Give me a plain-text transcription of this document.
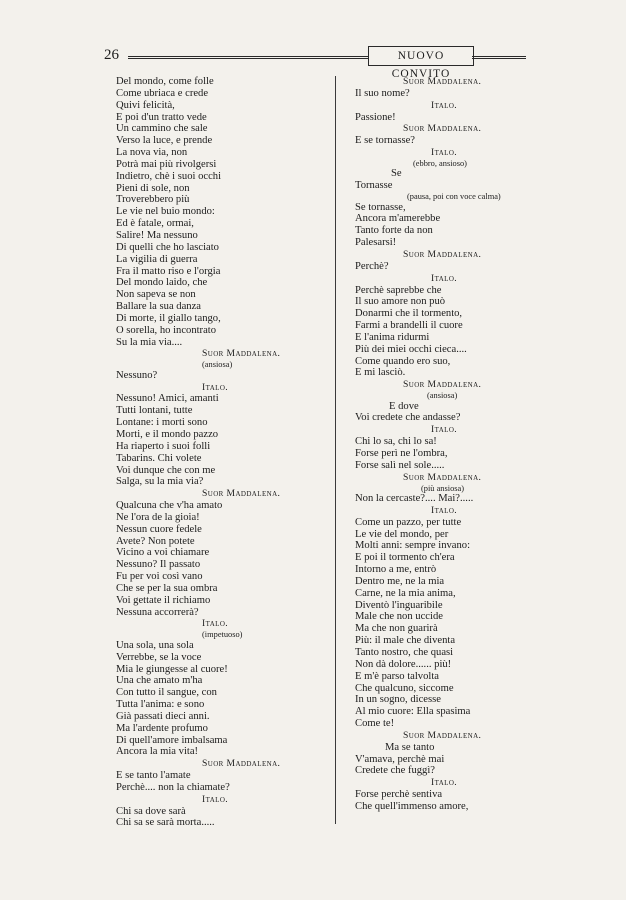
26	NUOVO CONVITO
Del mondo, come folle
Come ubriaca e crede
Quivi felicità,
E poi d'un tratto vede
Un cammino che sale
Verso la luce, e prende
La nova via, non
Potrà mai più rivolgersi
Indietro, chè i suoi occhi
Pieni di sole, non
Troverebbero più
Le vie nel buio mondo:
Ed è fatale, ormai,
Salire! Ma nessuno
Di quelli che ho lasciato
La vigilia di guerra
Fra il matto riso e l'orgia
Del mondo laido, che
Non sapeva se non
Ballare la sua danza
Di morte, il giallo tango,
O sorella, ho incontrato
Su la mia via....
Suor Maddalena.
(ansiosa)
Nessuno?
Italo.
Nessuno! Amici, amanti
Tutti lontani, tutte
Lontane: i morti sono
Morti, e il mondo pazzo
Ha riaperto i suoi folli
Tabarins. Chi volete
Voi dunque che con me
Salga, su la mia via?
Suor Maddalena.
Qualcuna che v'ha amato
Ne l'ora de la gioia!
Nessun cuore fedele
Avete? Non potete
Vicino a voi chiamare
Nessuno? Il passato
Fu per voi così vano
Che se per la sua ombra
Voi gettate il richiamo
Nessuna accorrerà?
Italo.
(impetuoso)
Una sola, una sola
Verrebbe, se la voce
Mia le giungesse al cuore!
Una che amato m'ha
Con tutto il sangue, con
Tutta l'anima: e sono
Già passati dieci anni.
Ma l'ardente profumo
Di quell'amore imbalsama
Ancora la mia vita!
Suor Maddalena.
E se tanto l'amate
Perchè.... non la chiamate?
Italo.
Chi sa dove sarà
Chi sa se sarà morta.....
Suor Maddalena.
Il suo nome?
Italo.
Passione!
Suor Maddalena.
E se tornasse?
Italo.
(ebbro, ansioso)
Se
Tornasse
(pausa, poi con voce calma)
Se tornasse,
Ancora m'amerebbe
Tanto forte da non
Palesarsi!
Suor Maddalena.
Perchè?
Italo.
Perchè saprebbe che
Il suo amore non può
Donarmi che il tormento,
Farmi a brandelli il cuore
E l'anima ridurmi
Più dei miei occhi cieca....
Come quando ero suo,
E mi lasciò.
Suor Maddalena.
(ansiosa)
E dove
Voi credete che andasse?
Italo.
Chi lo sa, chi lo sa!
Forse perì ne l'ombra,
Forse salì nel sole.....
Suor Maddalena.
(più ansiosa)
Non la cercaste?.... Mai?.....
Italo.
Come un pazzo, per tutte
Le vie del mondo, per
Molti anni: sempre invano:
E poi il tormento ch'era
Intorno a me, entrò
Dentro me, ne la mia
Carne, ne la mia anima,
Diventò l'inguaribile
Male che non uccide
Ma che non guarirà
Più: il male che diventa
Tanto nostro, che quasi
Non dà dolore...... più!
E m'è parso talvolta
Che qualcuno, siccome
In un sogno, dicesse
Al mio cuore: Ella spasima
Come te!
Suor Maddalena.
Ma se tanto
V'amava, perchè mai
Credete che fuggì?
Italo.
Forse perchè sentiva
Che quell'immenso amore,
